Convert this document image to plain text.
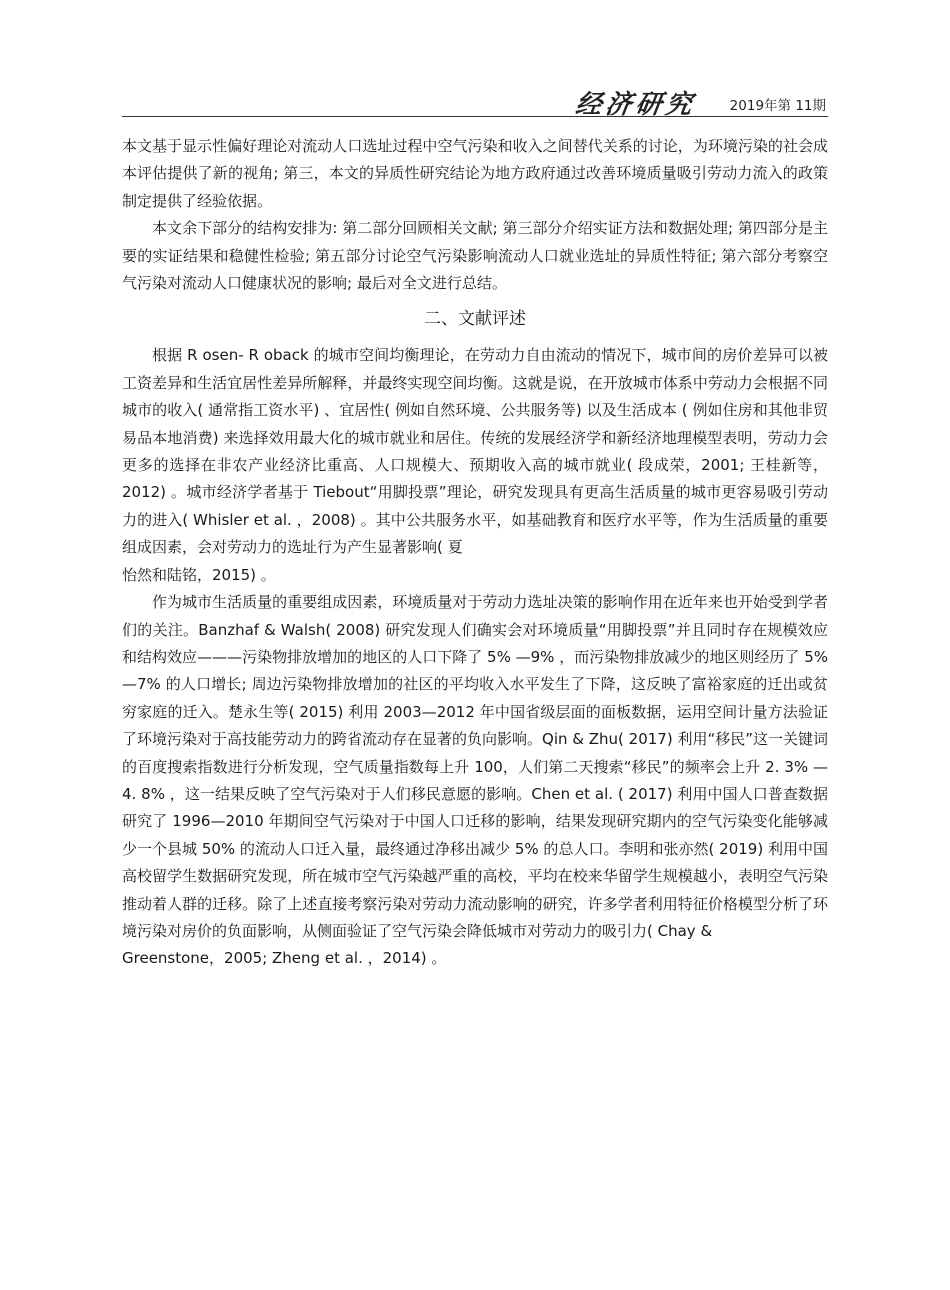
经济研究 2019年第 11期

本文基于显示性偏好理论对流动人口选址过程中空气污染和收入之间替代关系的讨论，为环境污染的社会成本评估提供了新的视角; 第三，本文的异质性研究结论为地方政府通过改善环境质量吸引劳动力流入的政策制定提供了经验依据。

本文余下部分的结构安排为: 第二部分回顾相关文献; 第三部分介绍实证方法和数据处理; 第四部分是主要的实证结果和稳健性检验; 第五部分讨论空气污染影响流动人口就业选址的异质性特征; 第六部分考察空气污染对流动人口健康状况的影响; 最后对全文进行总结。

二、文献评述

根据 R osen- R oback 的城市空间均衡理论，在劳动力自由流动的情况下，城市间的房价差异可以被工资差异和生活宜居性差异所解释，并最终实现空间均衡。这就是说，在开放城市体系中劳动力会根据不同城市的收入( 通常指工资水平) 、宜居性( 例如自然环境、公共服务等) 以及生活成本 ( 例如住房和其他非贸易品本地消费) 来选择效用最大化的城市就业和居住。传统的发展经济学和新经济地理模型表明，劳动力会更多的选择在非农产业经济比重高、人口规模大、预期收入高的城市就业( 段成荣，2001; 王桂新等，2012) 。城市经济学者基于 Tiebout“用脚投票”理论，研究发现具有更高生活质量的城市更容易吸引劳动力的进入( Whisler et al. ，2008) 。其中公共服务水平，如基础教育和医疗水平等，作为生活质量的重要组成因素，会对劳动力的选址行为产生显著影响( 夏

怡然和陆铭，2015) 。

作为城市生活质量的重要组成因素，环境质量对于劳动力选址决策的影响作用在近年来也开始受到学者们的关注。Banzhaf & Walsh( 2008) 研究发现人们确实会对环境质量“用脚投票”并且同时存在规模效应和结构效应———污染物排放增加的地区的人口下降了 5% —9% ，而污染物排放减少的地区则经历了 5% —7% 的人口增长; 周边污染物排放增加的社区的平均收入水平发生了下降，这反映了富裕家庭的迁出或贫穷家庭的迁入。楚永生等( 2015) 利用 2003—2012 年中国省级层面的面板数据，运用空间计量方法验证了环境污染对于高技能劳动力的跨省流动存在显著的负向影响。Qin & Zhu( 2017) 利用“移民”这一关键词的百度搜索指数进行分析发现，空气质量指数每上升 100，人们第二天搜索“移民”的频率会上升 2. 3% —4. 8% ，这一结果反映了空气污染对于人们移民意愿的影响。Chen et al. ( 2017) 利用中国人口普查数据研究了 1996—2010 年期间空气污染对于中国人口迁移的影响，结果发现研究期内的空气污染变化能够减少一个县城 50% 的流动人口迁入量，最终通过净移出减少 5% 的总人口。李明和张亦然( 2019) 利用中国高校留学生数据研究发现，所在城市空气污染越严重的高校，平均在校来华留学生规模越小，表明空气污染推动着人群的迁移。除了上述直接考察污染对劳动力流动影响的研究，许多学者利用特征价格模型分析了环境污染对房价的负面影响，从侧面验证了空气污染会降低城市对劳动力的吸引力( Chay &

Greenstone，2005; Zheng et al. ，2014) 。
